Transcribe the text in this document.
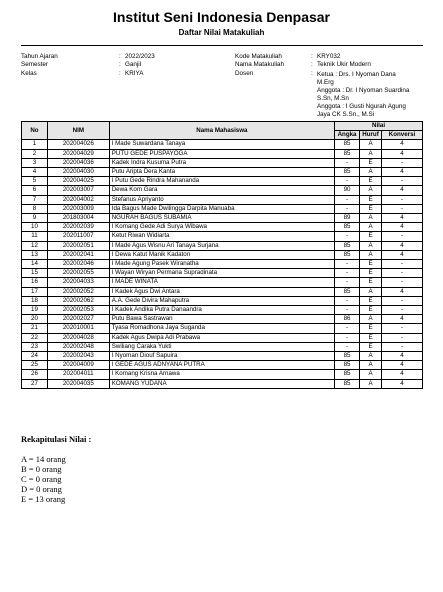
Institut Seni Indonesia Denpasar
Daftar Nilai Matakuliah
Tahun Ajaran	: 2022/2023
Semester	: Ganjil
Kelas	: KRIYA
Kode Matakuliah	: KRY032
Nama Matakuliah	: Teknik Ukir Modern
Dosen	: Ketua : Drs. I Nyoman Dana
M.Erg
Anggota : Dr. I Nyoman Suardina
S.Sn, M.Sn
Anggota : I Gusti Ngurah Agung
Jaya CK S.Sn., M.Si
No	NIM	Nama Mahasiswa	Nilai		
			Angka	Huruf	Konversi
1	202004026	I Made Suwardana Tanaya	85	A	4
2	202004029	PUTU GEDE PUSPAYOGA	85	A	4
3	202004036	Kadek Indra Kusuma Putra	-	E	-
4	202004030	Putu Aripta Dera Kanta	85	A	4
5	202004025	I Putu Gede Rindra Mahananda	-	E	-
6	202003007	Dewa Kom Gara	90	A	4
7	202004002	Stefanus Apriyanto	-	E	-
8	202003009	Ida Bagus Made Dwilingga Darpita Manuaba	-	E	-
9	201803004	NGURAH BAGUS SUBAMIA	89	A	4
10	202002039	I Komang Gede Adi Surya Wibawa	85	A	4
11	202011007	Ketut Riwan Widiarta	-	E	-
12	202002051	I Made Agus Wisnu Ari Tanaya Surjana	85	A	4
13	202002041	I Dewa Katut Manik Kadaton	85	A	4
14	202002046	I Made Agung Pasek Wiranatha	-	E	-
15	202002055	I Wayan Wiryan Permana Supradinata	-	E	-
16	202004033	I MADE WINATA	-	E	-
17	202002052	I Kadek Agus Dwi Antara	85	A	4
18	202002062	A.A. Gede Divira Mahaputra	-	E	-
19	202002053	I Kadek Andika Putra Danaandra	-	E	-
20	202002027	Putu Bawa Sastrawan	86	A	4
21	202010001	Tyasa Romadhona Jaya Suganda	-	E	-
22	202004028	Kadek Agus Dwipa Adi Prabawa	-	E	-
23	202002048	Swiliang Caraka Yukti	-	E	-
24	202002043	I Nyoman Diouf Sapuira	85	A	4
25	202004009	I GEDE AGUS ADNYANA PUTRA	85	A	4
26	202004011	I Komang Krisna Arnawa	85	A	4
27	202004035	KOMANG YUDANA	85	A	4
Rekapitulasi Nilai :
A = 14 orang
B = 0 orang
C = 0 orang
D = 0 orang
E = 13 orang
